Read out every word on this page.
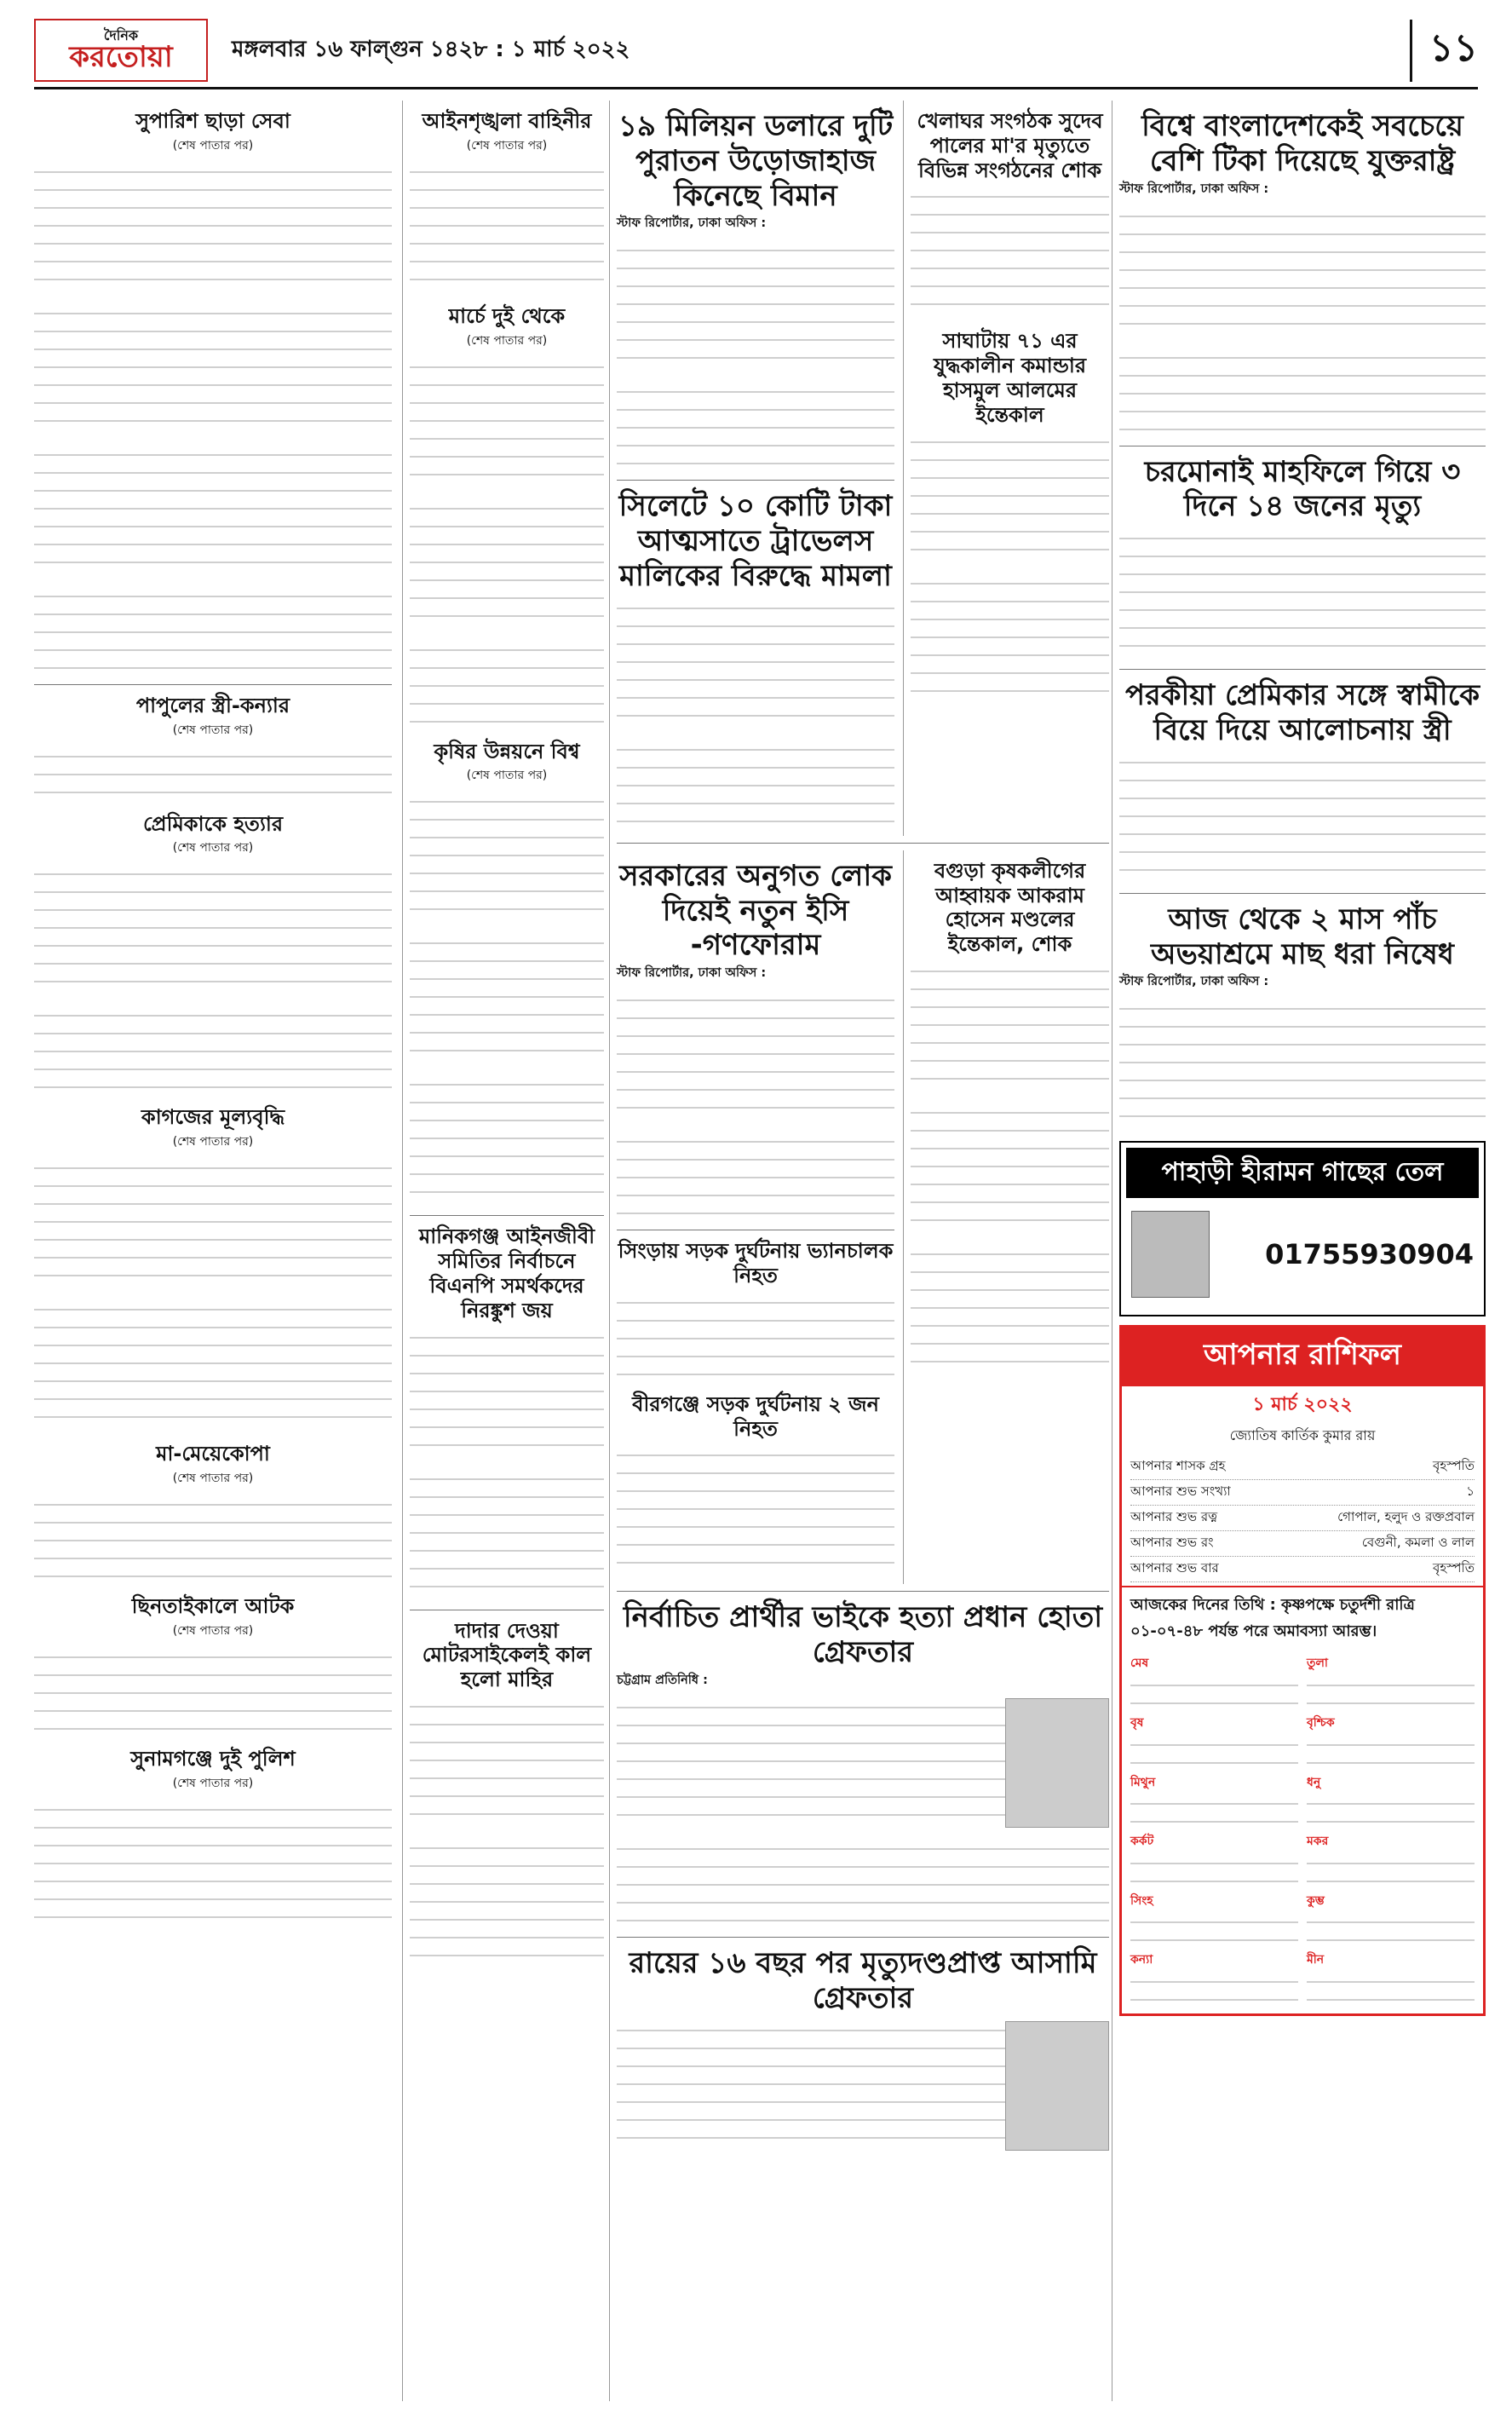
দৈনিক
করতোয়া	মঙ্গলবার ১৬ ফাল্গুন ১৪২৮ : ১ মার্চ ২০২২	১১
সুপারিশ ছাড়া সেবা
(শেষ পাতার পর)
পাপুলের স্ত্রী-কন্যার
(শেষ পাতার পর)
প্রেমিকাকে হত্যার
(শেষ পাতার পর)
কাগজের মূল্যবৃদ্ধি
(শেষ পাতার পর)
মা-মেয়েকোপা
(শেষ পাতার পর)
ছিনতাইকালে আটক
(শেষ পাতার পর)
সুনামগঞ্জে দুই পুলিশ
(শেষ পাতার পর)
আইনশৃঙ্খলা বাহিনীর
(শেষ পাতার পর)
মার্চে দুই থেকে
(শেষ পাতার পর)
কৃষির উন্নয়নে বিশ্ব
(শেষ পাতার পর)
মানিকগঞ্জ আইনজীবী সমিতির নির্বাচনে বিএনপি সমর্থকদের নিরঙ্কুশ জয়
দাদার দেওয়া মোটরসাইকেলই কাল হলো মাহির
১৯ মিলিয়ন ডলারে দুটি পুরাতন উড়োজাহাজ কিনেছে বিমান

স্টাফ রিপোর্টার, ঢাকা অফিস :

সিলেটে ১০ কোটি টাকা আত্মসাতে ট্রাভেলস মালিকের বিরুদ্ধে মামলা
খেলাঘর সংগঠক সুদেব পালের মা'র মৃত্যুতে বিভিন্ন সংগঠনের শোক
সাঘাটায় ৭১ এর যুদ্ধকালীন কমান্ডার হাসমুল আলমের ইন্তেকাল
সরকারের অনুগত লোক দিয়েই নতুন ইসি -গণফোরাম

স্টাফ রিপোর্টার, ঢাকা অফিস :

সিংড়ায় সড়ক দুর্ঘটনায় ভ্যানচালক নিহত
বীরগঞ্জে সড়ক দুর্ঘটনায় ২ জন নিহত
বগুড়া কৃষকলীগের আহ্বায়ক আকরাম হোসেন মণ্ডলের ইন্তেকাল, শোক
নির্বাচিত প্রার্থীর ভাইকে হত্যা প্রধান হোতা গ্রেফতার

চট্টগ্রাম প্রতিনিধি :

রায়ের ১৬ বছর পর মৃত্যুদণ্ডপ্রাপ্ত আসামি গ্রেফতার
বিশ্বে বাংলাদেশকেই সবচেয়ে বেশি টিকা দিয়েছে যুক্তরাষ্ট্র

স্টাফ রিপোর্টার, ঢাকা অফিস :

চরমোনাই মাহফিলে গিয়ে ৩ দিনে ১৪ জনের মৃত্যু
পরকীয়া প্রেমিকার সঙ্গে স্বামীকে বিয়ে দিয়ে আলোচনায় স্ত্রী
আজ থেকে ২ মাস পাঁচ অভয়াশ্রমে মাছ ধরা নিষেধ

স্টাফ রিপোর্টার, ঢাকা অফিস :

পাহাড়ী হীরামন গাছের তেল
01755930904
আপনার রাশিফল
১ মার্চ ২০২২
জ্যোতিষ কার্তিক কুমার রায়
আপনার শাসক গ্রহ	বৃহস্পতি
আপনার শুভ সংখ্যা	১
আপনার শুভ রত্ন	গোপাল, হলুদ ও রক্তপ্রবাল
আপনার শুভ রং	বেগুনী, কমলা ও লাল
আপনার শুভ বার	বৃহস্পতি
আজকের দিনের তিথি : কৃষ্ণপক্ষে চতুর্দশী রাত্রি ০১-০৭-৪৮ পর্যন্ত পরে অমাবস্যা আরম্ভ।
মেষ	তুলা
বৃষ	বৃশ্চিক
মিথুন	ধনু
কর্কট	মকর
সিংহ	কুম্ভ
কন্যা	মীন
